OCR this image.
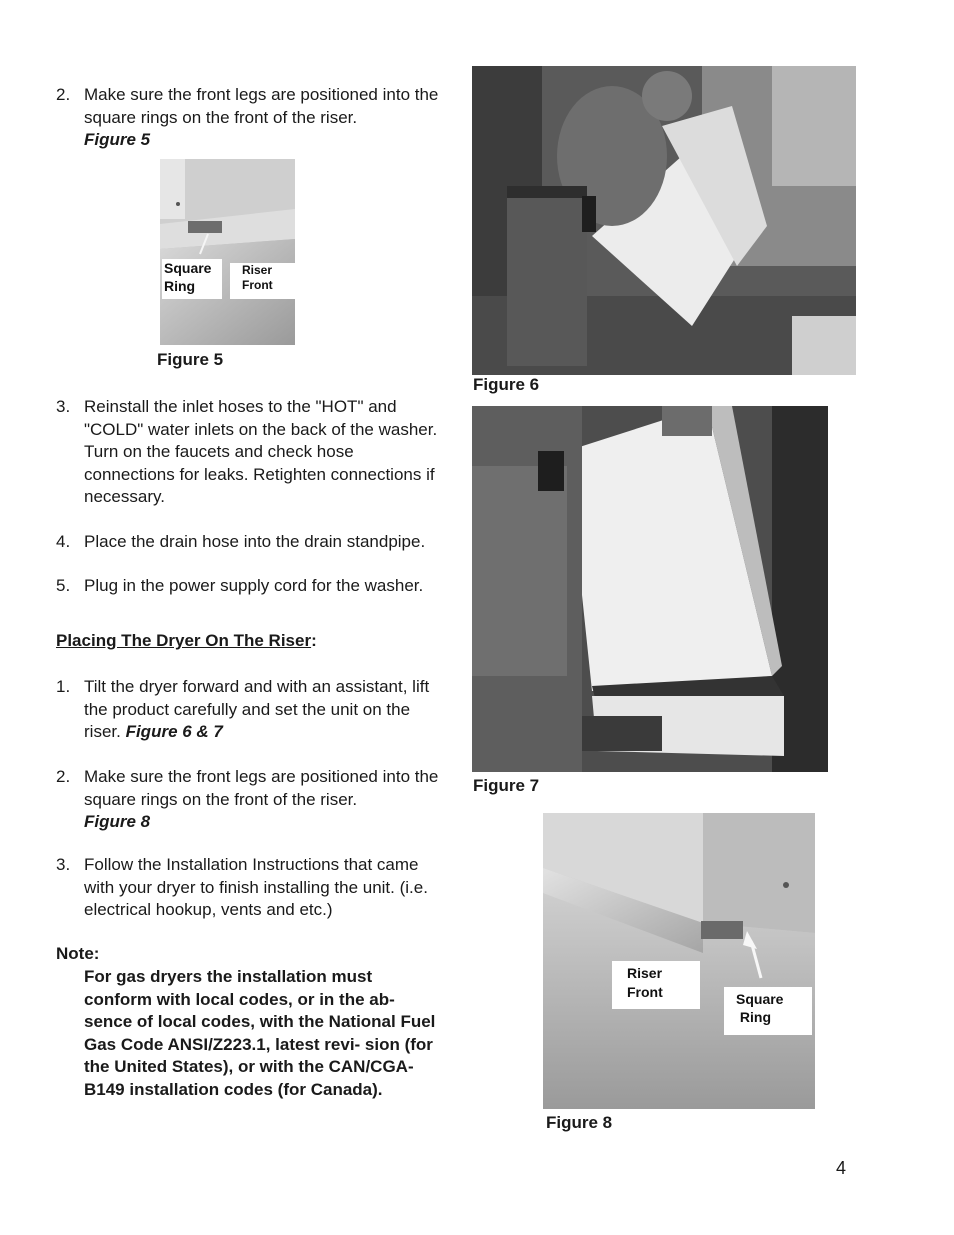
2. Make sure the front legs are positioned into the square rings on the front of the riser.
Figure 5
Square
Ring
Riser
Front
Figure 5
3. Reinstall the inlet hoses to the "HOT" and "COLD" water inlets on the back of the washer. Turn on the faucets and check hose connections for leaks. Retighten connections if necessary.
4. Place the drain hose into the drain standpipe.
5. Plug in the power supply cord for the washer.
Placing The Dryer On The Riser:
1. Tilt the dryer forward and with an assistant, lift the product carefully and set the unit on the riser. Figure 6 & 7
2. Make sure the front legs are positioned into the square rings on the front of the riser.
Figure 8
3. Follow the Installation Instructions that came with your dryer to finish installing the unit. (i.e. electrical hookup, vents and etc.)
Note:
For gas dryers the installation must conform with local codes, or in the ab- sence of local codes, with the National Fuel Gas Code ANSI/Z223.1, latest revi- sion (for the United States), or with the CAN/CGA-B149 installation codes (for Canada).
Figure 6
Figure 7
Riser
Front	Square
Ring
Figure 8
4
